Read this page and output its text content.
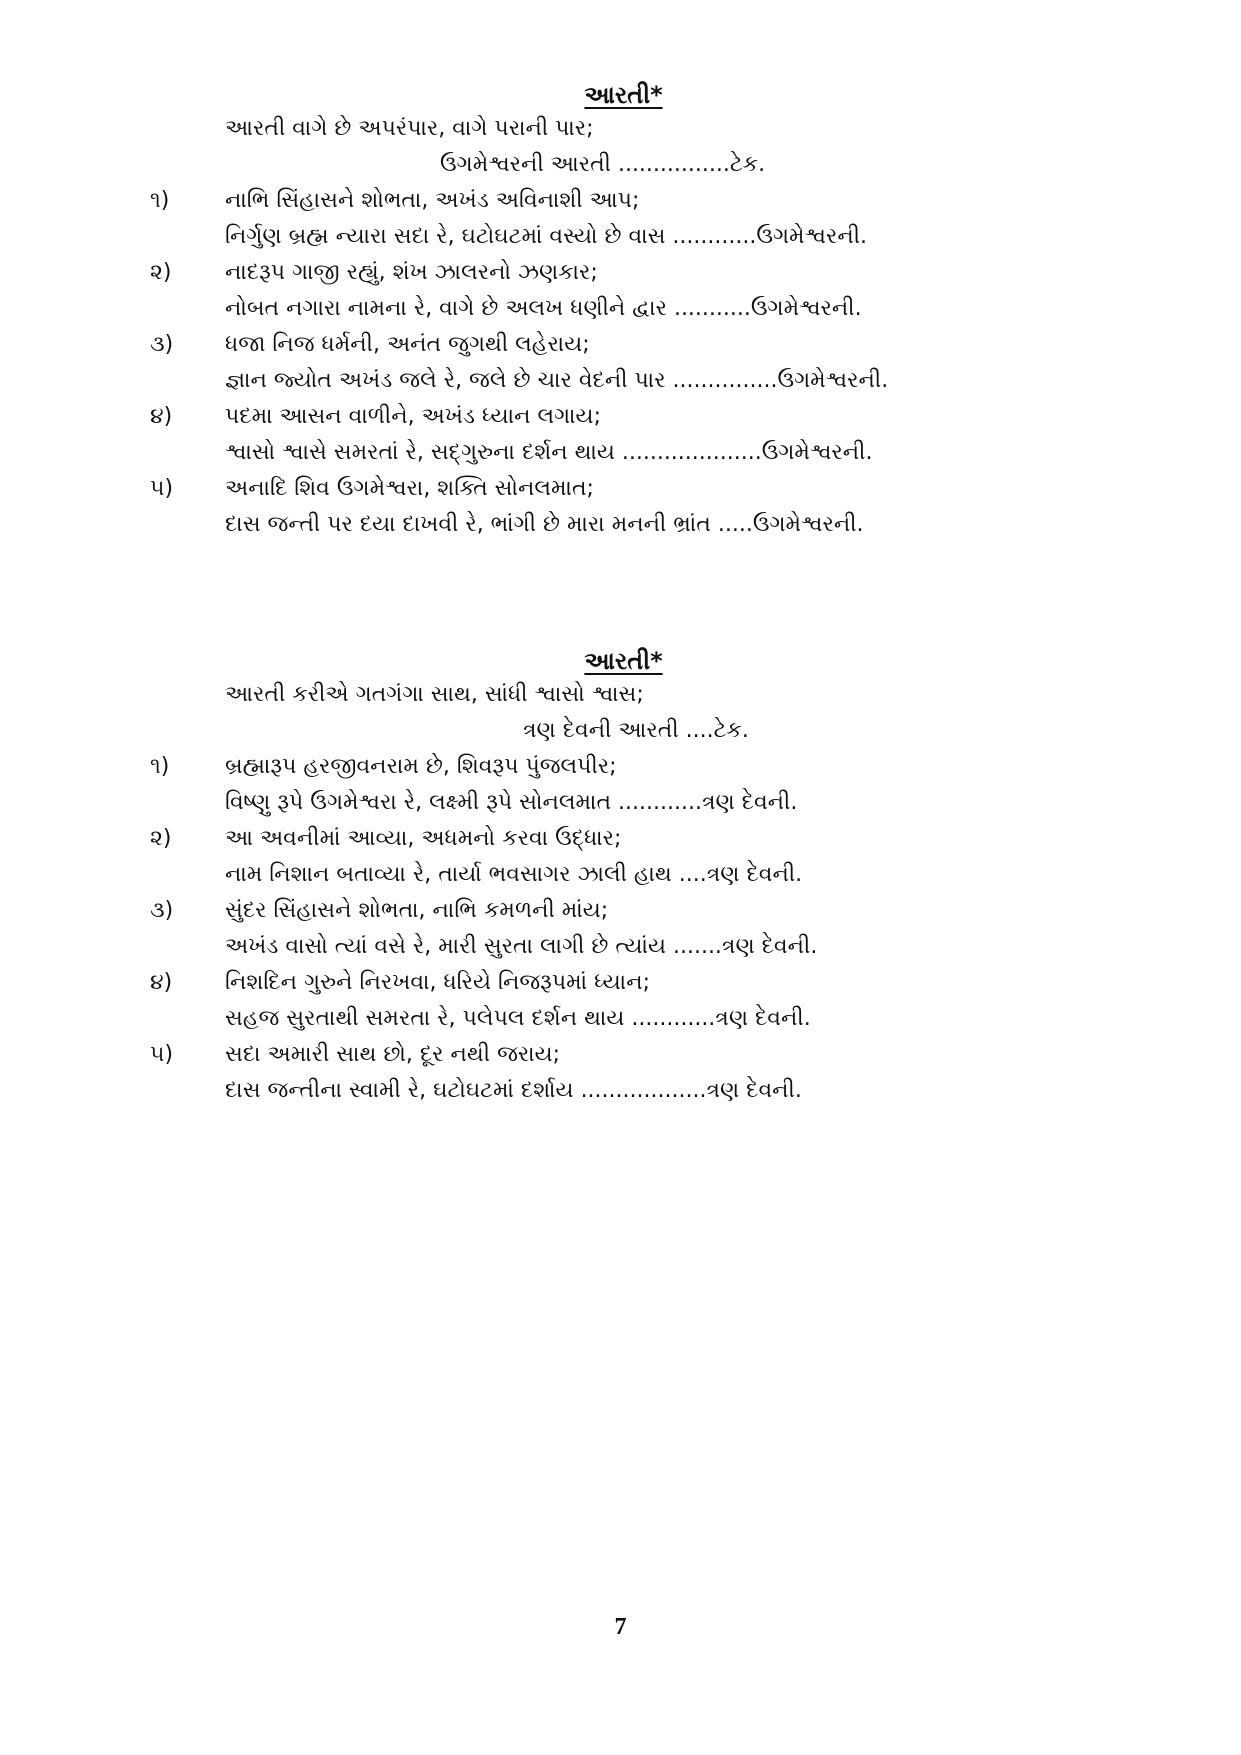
આરતી*
આરતી વાગે છે અપરંપાર, વાગે પરાની પાર;
ઉગમેશ્વરની આરતી ................ટેક.
૧)	નાભિ સિંહાસને શોભતા, અખંડ અવિનાશી આપ;
નિર્ગુણ બ્રહ્મ ન્યારા સદા રે, ઘટોઘટમાં વસ્યો છે વાસ ............ઉગમેશ્વરની.
૨) નાદરૂપ ગાજી રહ્યું, શંખ ઝાલરનો ઝણકાર;
નોબત નગારા નામના રે, વાગે છે અલખ ધણીને દ્વાર ...........ઉગમેશ્વરની.
૩) ધજા નિજ ધર્મની, અનંત જુગથી લહેરાય;
જ્ઞાન જ્યોત અખંડ જલે રે, જલે છે ચાર વેદની પાર ...............ઉગમેશ્વરની.
૪) પદમા આસન વાળીને, અખંડ ધ્યાન લગાય;
શ્વાસો શ્વાસે સમરતાં રે, સદ્ગુરુના દર્શન થાય ....................ઉગમેશ્વરની.
૫) અનાદિ શિવ ઉગમેશ્વરા, શક્તિ સોનલમાત;
દાસ જન્તી પર દયા દાખવી રે, ભાંગી છે મારા મનની ભ્રાંત .....ઉગમેશ્વરની.
આરતી*
આરતી કરીએ ગતગંગા સાથ, સાંધી શ્વાસો શ્વાસ;
ત્રણ દેવની આરતી ....ટેક.
૧)	બ્રહ્મારૂપ હરજીવનરામ છે, શિવરૂપ પુંજલપીર;
વિષ્ણુ રૂપે ઉગમેશ્વરા રે, લક્ષ્મી રૂપે સોનલમાત ............ત્રણ દેવની.
૨) આ અવનીમાં આવ્યા, અધમનો કરવા ઉદ્ધાર;
નામ નિશાન બતાવ્યા રે, તાર્યા ભવસાગર ઝાલી હાથ ....ત્રણ દેવની.
૩) સુંદર સિંહાસને શોભતા, નાભિ કમળની માંય;
અખંડ વાસો ત્યાં વસે રે, મારી સુરતા લાગી છે ત્યાંય .......ત્રણ દેવની.
૪) નિશદિન ગુરુને નિરખવા, ધરિયે નિજરૂપમાં ધ્યાન;
સહજ સુરતાથી સમરતા રે, પલેપલ દર્શન થાય ............ત્રણ દેવની.
૫) સદા અમારી સાથ છો, દૂર નથી જરાય;
દાસ જન્તીના સ્વામી રે, ઘટોઘટમાં દર્શાય ..................ત્રણ દેવની.
7
